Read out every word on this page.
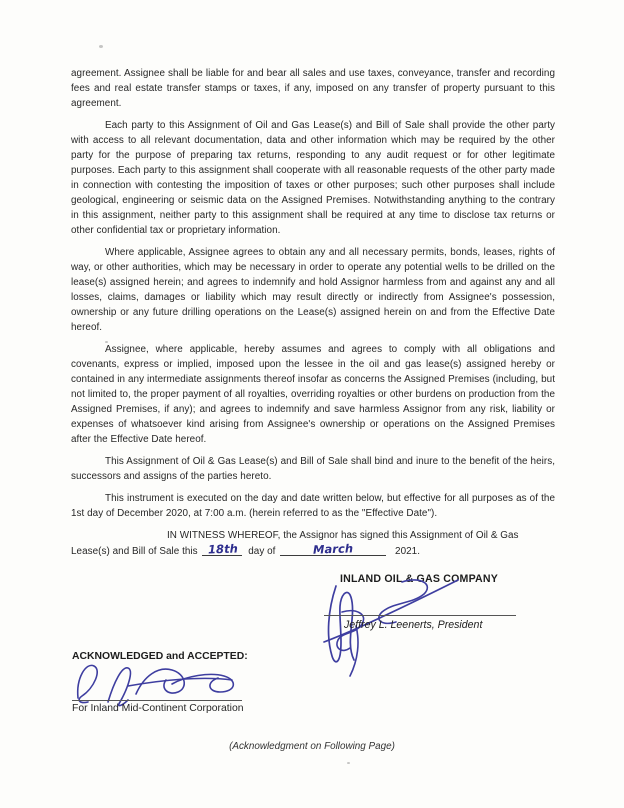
agreement. Assignee shall be liable for and bear all sales and use taxes, conveyance, transfer and recording fees and real estate transfer stamps or taxes, if any, imposed on any transfer of property pursuant to this agreement.

Each party to this Assignment of Oil and Gas Lease(s) and Bill of Sale shall provide the other party with access to all relevant documentation, data and other information which may be required by the other party for the purpose of preparing tax returns, responding to any audit request or for other legitimate purposes. Each party to this assignment shall cooperate with all reasonable requests of the other party made in connection with contesting the imposition of taxes or other purposes; such other purposes shall include geological, engineering or seismic data on the Assigned Premises. Notwithstanding anything to the contrary in this assignment, neither party to this assignment shall be required at any time to disclose tax returns or other confidential tax or proprietary information.

Where applicable, Assignee agrees to obtain any and all necessary permits, bonds, leases, rights of way, or other authorities, which may be necessary in order to operate any potential wells to be drilled on the lease(s) assigned herein; and agrees to indemnify and hold Assignor harmless from and against any and all losses, claims, damages or liability which may result directly or indirectly from Assignee's possession, ownership or any future drilling operations on the Lease(s) assigned herein on and from the Effective Date hereof.

Assignee, where applicable, hereby assumes and agrees to comply with all obligations and covenants, express or implied, imposed upon the lessee in the oil and gas lease(s) assigned hereby or contained in any intermediate assignments thereof insofar as concerns the Assigned Premises (including, but not limited to, the proper payment of all royalties, overriding royalties or other burdens on production from the Assigned Premises, if any); and agrees to indemnify and save harmless Assignor from any risk, liability or expenses of whatsoever kind arising from Assignee's ownership or operations on the Assigned Premises after the Effective Date hereof.

This Assignment of Oil & Gas Lease(s) and Bill of Sale shall bind and inure to the benefit of the heirs, successors and assigns of the parties hereto.

This instrument is executed on the day and date written below, but effective for all purposes as of the 1st day of December 2020, at 7:00 a.m. (herein referred to as the "Effective Date").

IN WITNESS WHEREOF, the Assignor has signed this Assignment of Oil & Gas
Lease(s) and Bill of Sale this 18th day of	March	2021.
INLAND OIL & GAS COMPANY
Jeffrey L. Leenerts, President
ACKNOWLEDGED and ACCEPTED:
For Inland Mid-Continent Corporation
(Acknowledgment on Following Page)
